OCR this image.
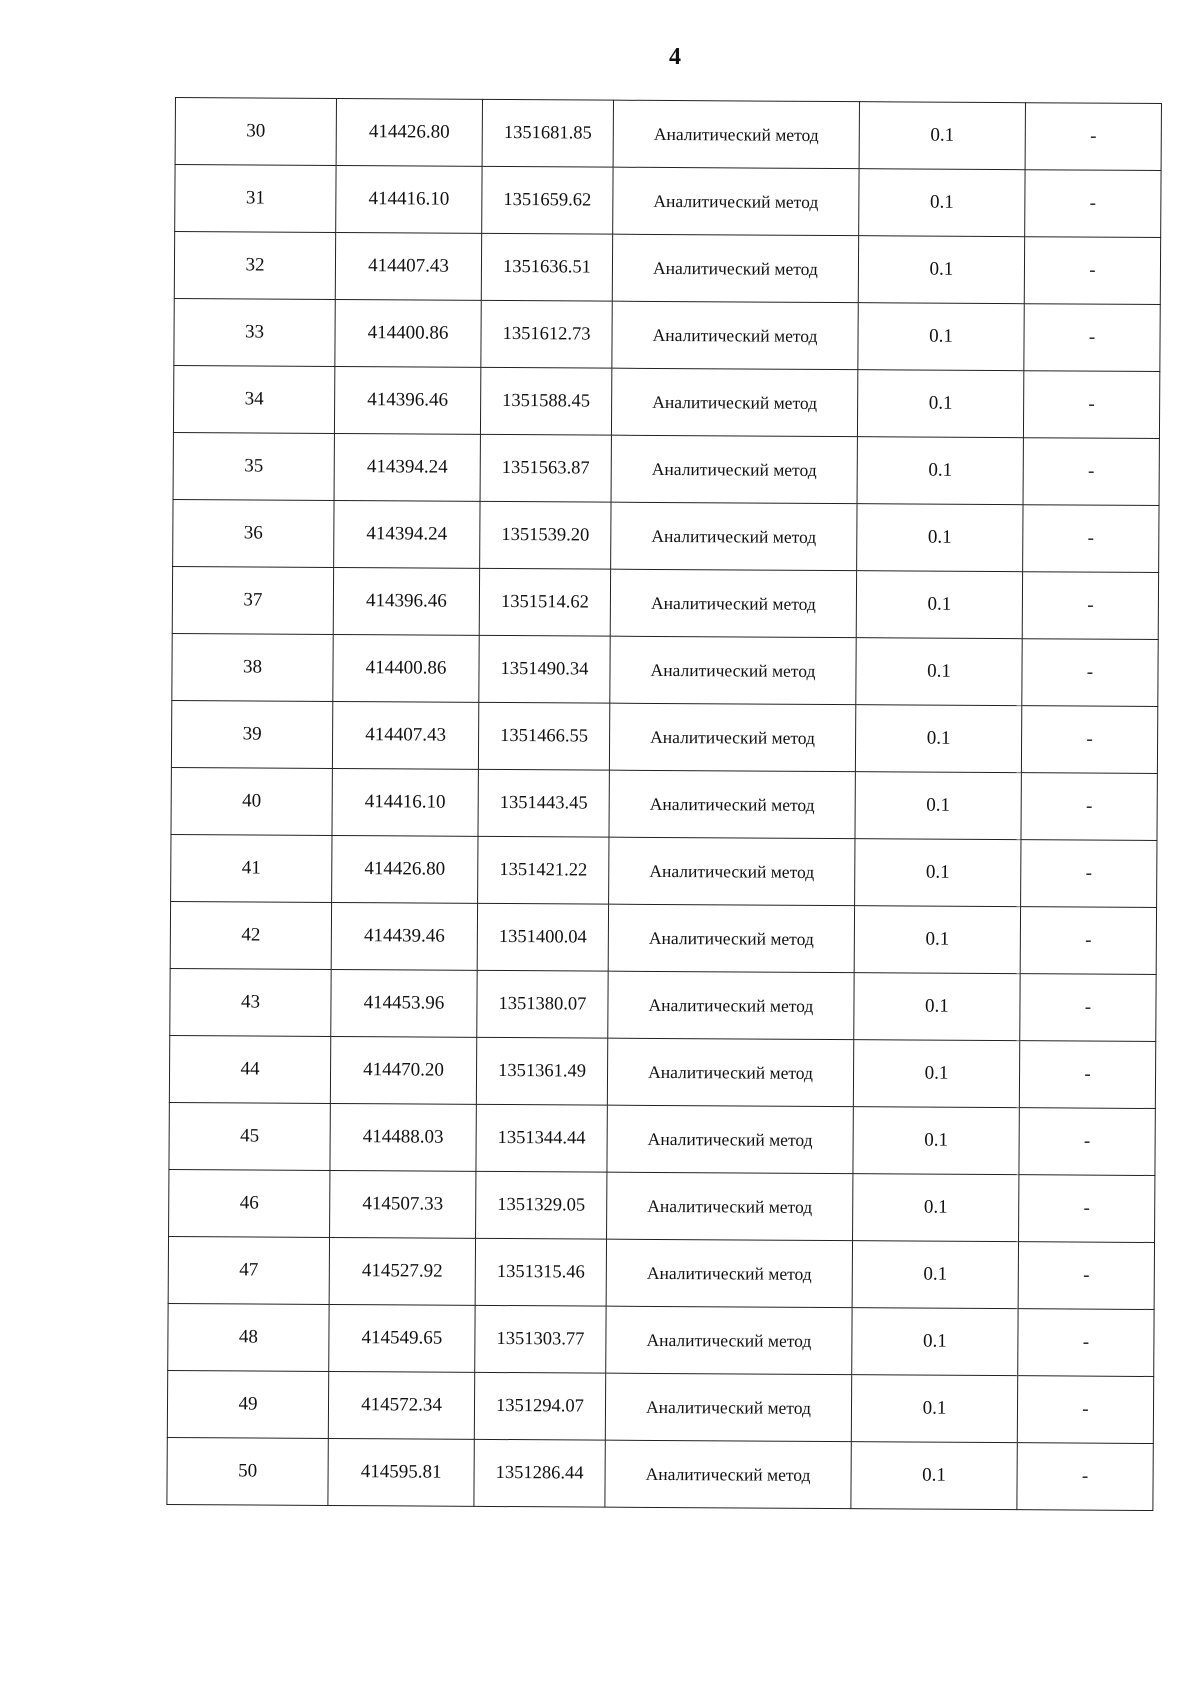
4
30	414426.80	1351681.85	Аналитический метод	0.1	-
31	414416.10	1351659.62	Аналитический метод	0.1	-
32	414407.43	1351636.51	Аналитический метод	0.1	-
33	414400.86	1351612.73	Аналитический метод	0.1	-
34	414396.46	1351588.45	Аналитический метод	0.1	-
35	414394.24	1351563.87	Аналитический метод	0.1	-
36	414394.24	1351539.20	Аналитический метод	0.1	-
37	414396.46	1351514.62	Аналитический метод	0.1	-
38	414400.86	1351490.34	Аналитический метод	0.1	-
39	414407.43	1351466.55	Аналитический метод	0.1	-
40	414416.10	1351443.45	Аналитический метод	0.1	-
41	414426.80	1351421.22	Аналитический метод	0.1	-
42	414439.46	1351400.04	Аналитический метод	0.1	-
43	414453.96	1351380.07	Аналитический метод	0.1	-
44	414470.20	1351361.49	Аналитический метод	0.1	-
45	414488.03	1351344.44	Аналитический метод	0.1	-
46	414507.33	1351329.05	Аналитический метод	0.1	-
47	414527.92	1351315.46	Аналитический метод	0.1	-
48	414549.65	1351303.77	Аналитический метод	0.1	-
49	414572.34	1351294.07	Аналитический метод	0.1	-
50	414595.81	1351286.44	Аналитический метод	0.1	-
